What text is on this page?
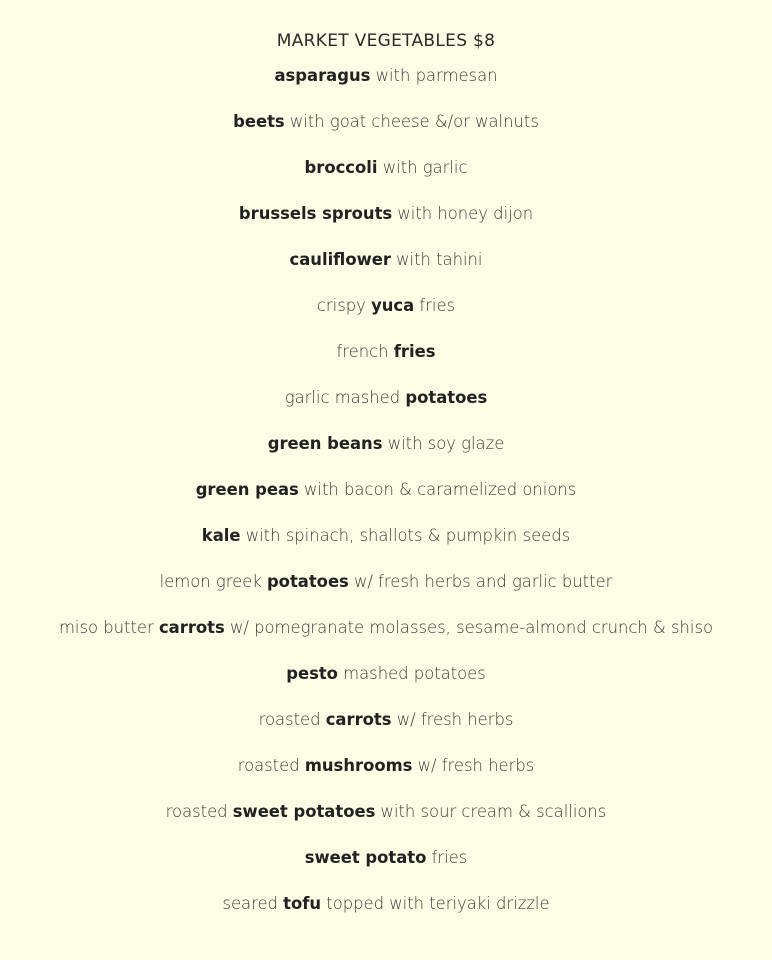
MARKET VEGETABLES $8
asparagus with parmesan
beets with goat cheese &/or walnuts
broccoli with garlic
brussels sprouts with honey dijon
cauliflower with tahini
crispy yuca fries
french fries
garlic mashed potatoes
green beans with soy glaze
green peas with bacon & caramelized onions
kale with spinach, shallots & pumpkin seeds
lemon greek potatoes w/ fresh herbs and garlic butter
miso butter carrots w/ pomegranate molasses, sesame-almond crunch & shiso
pesto mashed potatoes
roasted carrots w/ fresh herbs
roasted mushrooms w/ fresh herbs
roasted sweet potatoes with sour cream & scallions
sweet potato fries
seared tofu topped with teriyaki drizzle
